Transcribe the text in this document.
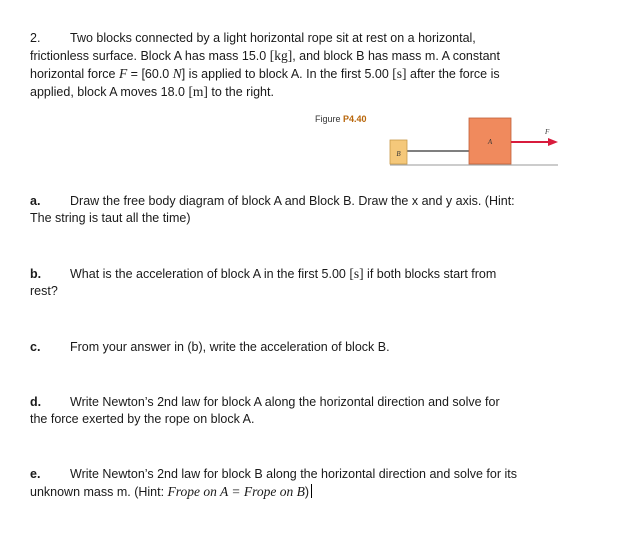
2. Two blocks connected by a light horizontal rope sit at rest on a horizontal,
frictionless surface. Block A has mass 15.0 [kg], and block B has mass m. A constant
horizontal force F = [60.0 N] is applied to block A. In the first 5.00 [s] after the force is
applied, block A moves 18.0 [m] to the right.
Figure P4.40
B
A
F
a. Draw the free body diagram of block A and Block B. Draw the x and y axis. (Hint:
The string is taut all the time)
b. What is the acceleration of block A in the first 5.00 [s] if both blocks start from
rest?
c. From your answer in (b), write the acceleration of block B.
d. Write Newton’s 2nd law for block A along the horizontal direction and solve for
the force exerted by the rope on block A.
e. Write Newton’s 2nd law for block B along the horizontal direction and solve for its
unknown mass m. (Hint: Frope on A = Frope on B)
